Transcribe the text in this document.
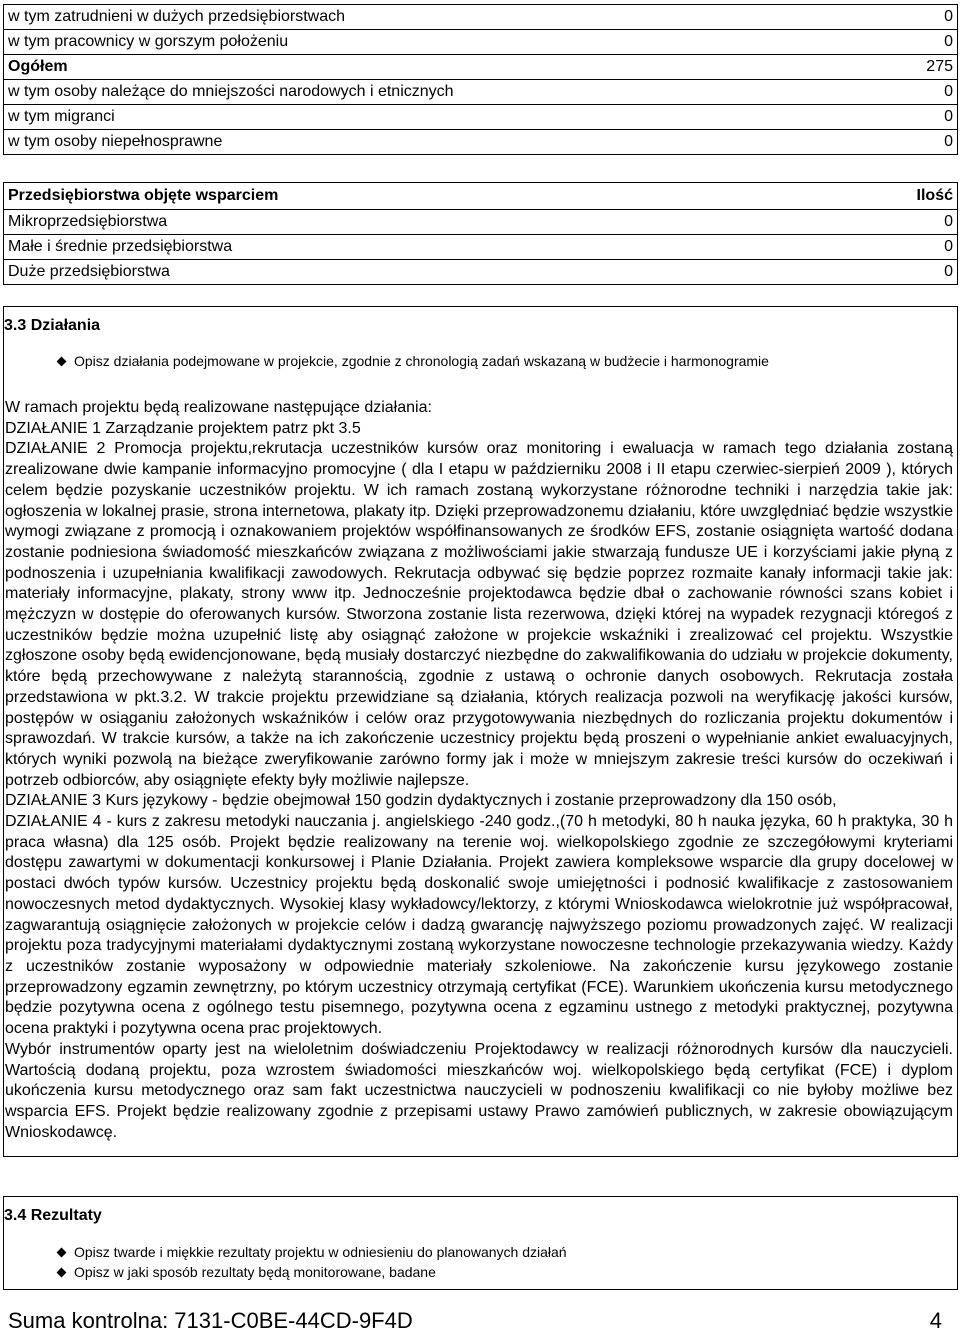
w tym zatrudnieni w dużych przedsiębiorstwach	0
w tym pracownicy w gorszym położeniu	0
Ogółem	275
w tym osoby należące do mniejszości narodowych i etnicznych	0
w tym migranci	0
w tym osoby niepełnosprawne	0
Przedsiębiorstwa objęte wsparciem	Ilość
Mikroprzedsiębiorstwa	0
Małe i średnie przedsiębiorstwa	0
Duże przedsiębiorstwa	0
3.3 Działania
Opisz działania podejmowane w projekcie, zgodnie z chronologią zadań wskazaną w budżecie i harmonogramie

W ramach projektu będą realizowane następujące działania:

DZIAŁANIE 1 Zarządzanie projektem patrz pkt 3.5

DZIAŁANIE 2 Promocja projektu,rekrutacja uczestników kursów oraz monitoring i ewaluacja w ramach tego działania zostaną zrealizowane dwie kampanie informacyjno promocyjne ( dla I etapu w październiku 2008 i II etapu czerwiec-sierpień 2009 ), których celem będzie pozyskanie uczestników projektu. W ich ramach zostaną wykorzystane różnorodne techniki i narzędzia takie jak: ogłoszenia w lokalnej prasie, strona internetowa, plakaty itp. Dzięki przeprowadzonemu działaniu, które uwzględniać będzie wszystkie wymogi związane z promocją i oznakowaniem projektów współfinansowanych ze środków EFS, zostanie osiągnięta wartość dodana zostanie podniesiona świadomość mieszkańców związana z możliwościami jakie stwarzają fundusze UE i korzyściami jakie płyną z podnoszenia i uzupełniania kwalifikacji zawodowych. Rekrutacja odbywać się będzie poprzez rozmaite kanały informacji takie jak: materiały informacyjne, plakaty, strony www itp. Jednocześnie projektodawca będzie dbał o zachowanie równości szans kobiet i mężczyzn w dostępie do oferowanych kursów. Stworzona zostanie lista rezerwowa, dzięki której na wypadek rezygnacji któregoś z uczestników będzie można uzupełnić listę aby osiągnąć założone w projekcie wskaźniki i zrealizować cel projektu. Wszystkie zgłoszone osoby będą ewidencjonowane, będą musiały dostarczyć niezbędne do zakwalifikowania do udziału w projekcie dokumenty, które będą przechowywane z należytą starannością, zgodnie z ustawą o ochronie danych osobowych. Rekrutacja została przedstawiona w pkt.3.2. W trakcie projektu przewidziane są działania, których realizacja pozwoli na weryfikację jakości kursów, postępów w osiąganiu założonych wskaźników i celów oraz przygotowywania niezbędnych do rozliczania projektu dokumentów i sprawozdań. W trakcie kursów, a także na ich zakończenie uczestnicy projektu będą proszeni o wypełnianie ankiet ewaluacyjnych, których wyniki pozwolą na bieżące zweryfikowanie zarówno formy jak i może w mniejszym zakresie treści kursów do oczekiwań i potrzeb odbiorców, aby osiągnięte efekty były możliwie najlepsze.

DZIAŁANIE 3 Kurs językowy - będzie obejmował 150 godzin dydaktycznych i zostanie przeprowadzony dla 150 osób,

DZIAŁANIE 4 - kurs z zakresu metodyki nauczania j. angielskiego -240 godz.,(70 h metodyki, 80 h nauka języka, 60 h praktyka, 30 h praca własna) dla 125 osób. Projekt będzie realizowany na terenie woj. wielkopolskiego zgodnie ze szczegółowymi kryteriami dostępu zawartymi w dokumentacji konkursowej i Planie Działania. Projekt zawiera kompleksowe wsparcie dla grupy docelowej w postaci dwóch typów kursów. Uczestnicy projektu będą doskonalić swoje umiejętności i podnosić kwalifikacje z zastosowaniem nowoczesnych metod dydaktycznych. Wysokiej klasy wykładowcy/lektorzy, z którymi Wnioskodawca wielokrotnie już współpracował, zagwarantują osiągnięcie założonych w projekcie celów i dadzą gwarancję najwyższego poziomu prowadzonych zajęć. W realizacji projektu poza tradycyjnymi materiałami dydaktycznymi zostaną wykorzystane nowoczesne technologie przekazywania wiedzy. Każdy z uczestników zostanie wyposażony w odpowiednie materiały szkoleniowe. Na zakończenie kursu językowego zostanie przeprowadzony egzamin zewnętrzny, po którym uczestnicy otrzymają certyfikat (FCE). Warunkiem ukończenia kursu metodycznego będzie pozytywna ocena z ogólnego testu pisemnego, pozytywna ocena z egzaminu ustnego z metodyki praktycznej, pozytywna ocena praktyki i pozytywna ocena prac projektowych.

Wybór instrumentów oparty jest na wieloletnim doświadczeniu Projektodawcy w realizacji różnorodnych kursów dla nauczycieli. Wartością dodaną projektu, poza wzrostem świadomości mieszkańców woj. wielkopolskiego będą certyfikat (FCE) i dyplom ukończenia kursu metodycznego oraz sam fakt uczestnictwa nauczycieli w podnoszeniu kwalifikacji co nie byłoby możliwe bez wsparcia EFS. Projekt będzie realizowany zgodnie z przepisami ustawy Prawo zamówień publicznych, w zakresie obowiązującym Wnioskodawcę.

3.4 Rezultaty
Opisz twarde i miękkie rezultaty projektu w odniesieniu do planowanych działań
Opisz w jaki sposób rezultaty będą monitorowane, badane
Suma kontrolna: 7131-C0BE-44CD-9F4D	4
